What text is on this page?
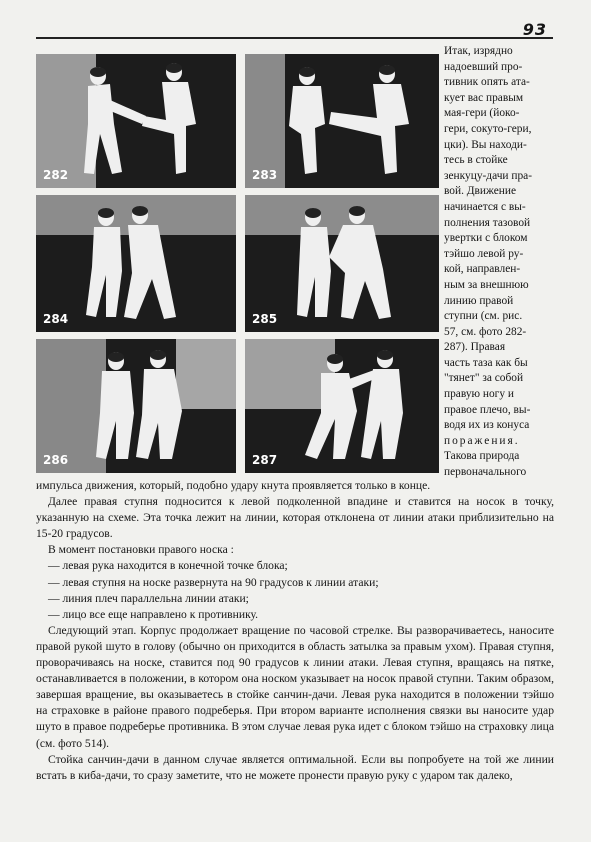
93
282	283
284	285
286	287
Итак, изрядно
надоевший про-
тивник опять ата-
кует вас правым
мая-гери (йоко-
гери, сокуто-гери,
цки). Вы находи-
тесь в стойке
зенкуцу-дачи пра-
вой. Движение
начинается с вы-
полнения тазовой
увертки с блоком
тэйшо левой ру-
кой, направлен-
ным за внешнюю
линию правой
ступни (см. рис.
57, см. фото 282-
287). Правая
часть таза как бы
"тянет" за собой
правую ногу и
правое плечо, вы-
водя их из конуса
поражения.
Такова природа
первоначального

импульса движения, который, подобно удару кнута проявляется только в конце.

Далее правая ступня подносится к левой подколенной впадине и ставится на носок в точку, указанную на схеме. Эта точка лежит на линии, которая отклонена от линии атаки приблизительно на 15-20 градусов.

В момент постановки правого носка :

— левая рука находится в конечной точке блока;
— левая ступня на носке развернута на 90 градусов к линии атаки;
— линия плеч параллельна линии атаки;
— лицо все еще направлено к противнику.

Следующий этап. Корпус продолжает вращение по часовой стрелке. Вы разворачиваетесь, наносите правой рукой шуто в голову (обычно он приходится в область затылка за правым ухом). Правая ступня, проворачиваясь на носке, ставится под 90 градусов к линии атаки. Левая ступня, вращаясь на пятке, останавливается в положении, в котором она носком указывает на носок правой ступни. Таким образом, завершая вращение, вы оказываетесь в стойке санчин-дачи. Левая рука находится в положении тэйшо на страховке в районе правого подреберья. При втором варианте исполнения связки вы наносите удар шуто в правое подреберье противника. В этом случае левая рука идет с блоком тэйшо на страховку лица (см. фото 514).

Стойка санчин-дачи в данном случае является оптимальной. Если вы попробуете на той же линии встать в киба-дачи, то сразу заметите, что не можете пронести правую руку с ударом так далеко,
